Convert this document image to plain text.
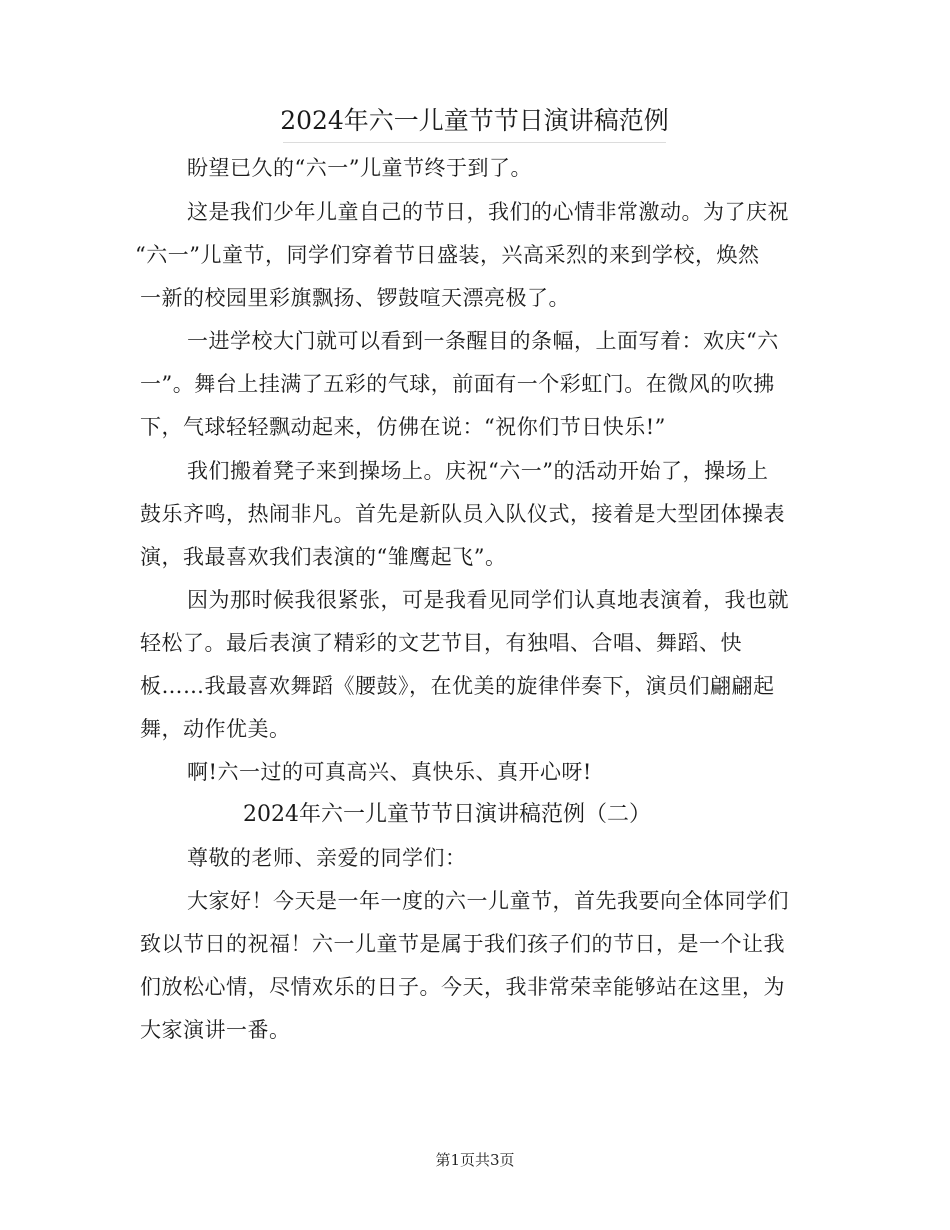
2024年六一儿童节节日演讲稿范例
盼望已久的“六一”儿童节终于到了。
这是我们少年儿童自己的节日，我们的心情非常激动。为了庆祝
“六一”儿童节，同学们穿着节日盛装，兴高采烈的来到学校，焕然
一新的校园里彩旗飘扬、锣鼓喧天漂亮极了。
一进学校大门就可以看到一条醒目的条幅，上面写着：欢庆“六
一”。舞台上挂满了五彩的气球，前面有一个彩虹门。在微风的吹拂
下，气球轻轻飘动起来，仿佛在说：“祝你们节日快乐!”
我们搬着凳子来到操场上。庆祝“六一”的活动开始了，操场上
鼓乐齐鸣，热闹非凡。首先是新队员入队仪式，接着是大型团体操表
演，我最喜欢我们表演的“雏鹰起飞”。
因为那时候我很紧张，可是我看见同学们认真地表演着，我也就
轻松了。最后表演了精彩的文艺节目，有独唱、合唱、舞蹈、快
板……我最喜欢舞蹈《腰鼓》，在优美的旋律伴奏下，演员们翩翩起
舞，动作优美。
啊!六一过的可真高兴、真快乐、真开心呀!
2024年六一儿童节节日演讲稿范例（二）
尊敬的老师、亲爱的同学们：
大家好！今天是一年一度的六一儿童节，首先我要向全体同学们
致以节日的祝福！六一儿童节是属于我们孩子们的节日，是一个让我
们放松心情，尽情欢乐的日子。今天，我非常荣幸能够站在这里，为
大家演讲一番。
第1页共3页
